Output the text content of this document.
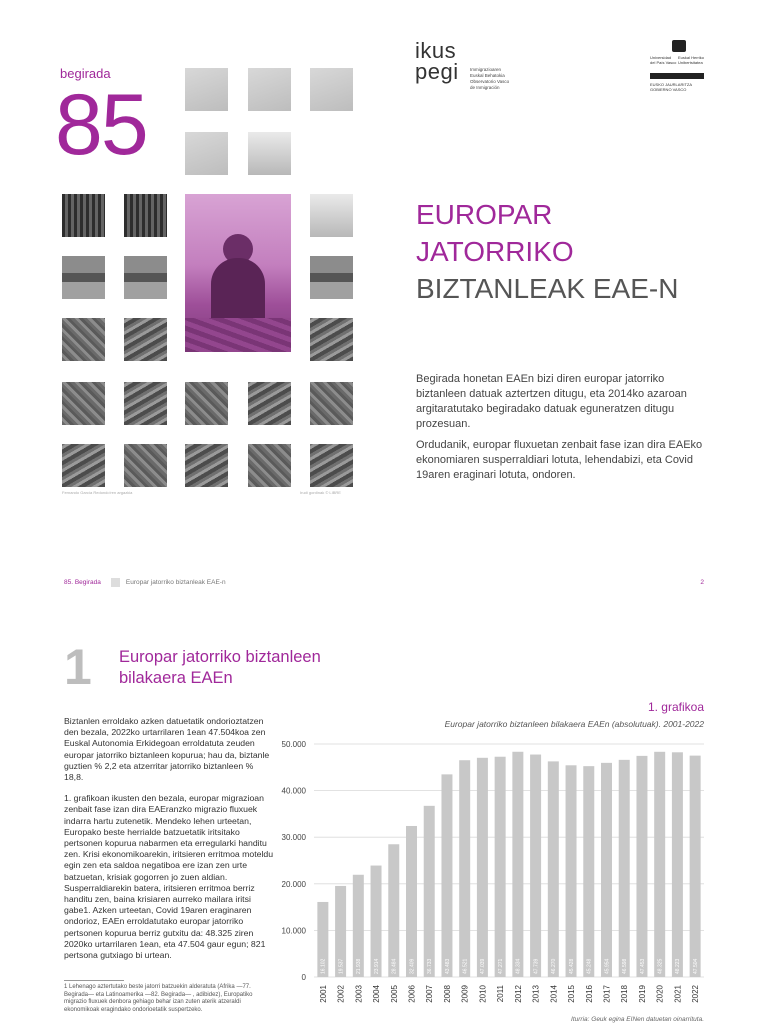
begirada
85
Fernando García Redondo'ren argazkia	Irudi gordinak © LIBRE
ikus
pegi	Immigrazioaren
Euskal Behatokia
Observatorio Vasco
de Inmigración
Universidad
del País Vasco
Euskal Herriko
Unibertsitatea
EUSKO JAURLARITZA GOBIERNO VASCO
EUROPAR
JATORRIKO
BIZTANLEAK EAE-N

Begirada honetan EAEn bizi diren europar jatorriko biztanleen datuak aztertzen ditugu, eta 2014ko azaroan argitaratutako begiradako datuak eguneratzen ditugu prozesuan.

Ordudanik, europar fluxuetan zenbait fase izan dira EAEko ekonomiaren susperraldiari lotuta, lehendabizi, eta Covid 19aren eraginari lotuta, ondoren.

85. Begirada	Europar jatorriko biztanleak EAE-n	2
1 Europar jatorriko biztanleen bilakaera EAEn

Biztanlen erroldako azken datuetatik ondorioztatzen den bezala, 2022ko urtarrilaren 1ean 47.504koa zen Euskal Autonomia Erkidegoan erroldatuta zeuden europar jatorriko biztanleen kopurua; hau da, biztanle guztien % 2,2 eta atzerritar jatorriko biztanleen % 18,8.

1. grafikoan ikusten den bezala, europar migrazioan zenbait fase izan dira EAEranzko migrazio fluxuek indarra hartu zutenetik. Mendeko lehen urteetan, Europako beste herrialde batzuetatik iritsitako pertsonen kopurua nabarmen eta erregularki handitu zen. Krisi ekonomikoarekin, iritsieren erritmoa moteldu egin zen eta saldoa negatiboa ere izan zen urte batzuetan, krisiak gogorren jo zuen aldian. Susperraldiarekin batera, iritsieren erritmoa berriz handitu zen, baina krisiaren aurreko mailara iritsi gabe1. Azken urteetan, Covid 19aren eraginaren ondorioz, EAEn erroldatutako europar jatorriko pertsonen kopurua berriz gutxitu da: 48.325 ziren 2020ko urtarrilaren 1ean, eta 47.504 gaur egun; 821 pertsona gutxiago bi urtean.

1 Lehenago aztertutako beste jatorri batzuekin alderatuta (Afrika —77. Begirada— eta Latinoamerika —82. Begirada— , adibidez), Europatiko migrazio fluxuek denbora gehiago behar izan zuten aterik atzeraldi ekonomikoak eragindako ondorioetatik suspertzeko.
1. grafikoa
Europar jatorriko biztanleen bilakaera EAEn (absolutuak). 2001-2022
0
10.000
20.000
30.000
40.000
50.000
16.102
2001
19.537
2002
21.938
2003
23.914
2004
28.484
2005
32.409
2006
36.733
2007
43.483
2008
46.521
2009
47.039
2010
47.271
2011
48.334
2012
47.739
2013
46.270
2014
45.428
2015
45.248
2016
45.954
2017
46.598
2018
47.453
2019
48.325
2020
48.223
2021
47.504
2022
Iturria: Geuk egina EINen datuetan oinarrituta.
